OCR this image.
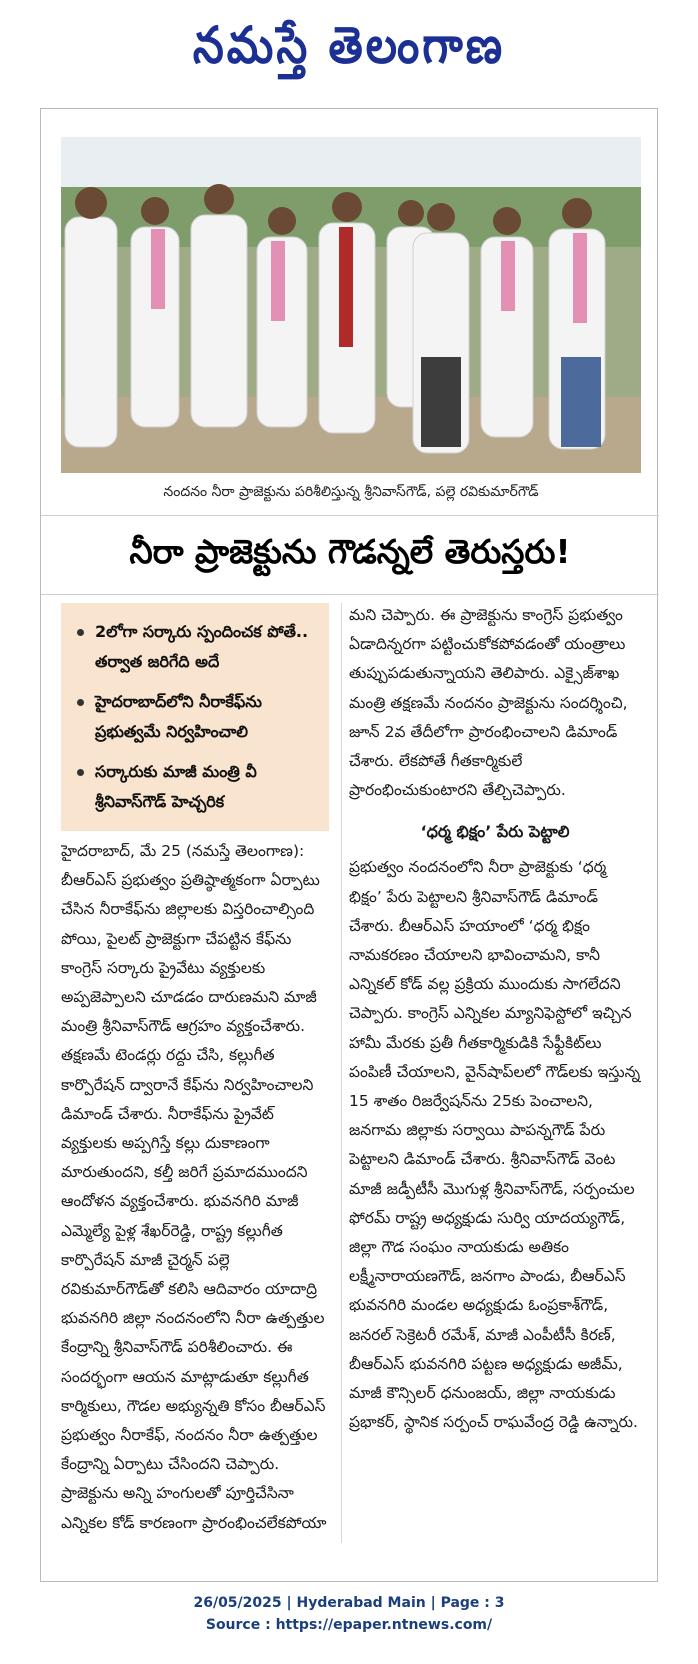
నమస్తే తెలంగాణ
నందనం నీరా ప్రాజెక్టును పరిశీలిస్తున్న శ్రీనివాస్‌గౌడ్‌, పల్లె రవికుమార్‌గౌడ్‌
నీరా ప్రాజెక్టును గౌడన్నలే తెరుస్తరు!
2లోగా సర్కారు స్పందించక పోతే.. తర్వాత జరిగేది అదే
హైదరాబాద్‌లోని నీరాకేఫ్‌ను ప్రభుత్వమే నిర్వహించాలి
సర్కారుకు మాజీ మంత్రి వీ శ్రీనివాస్‌గౌడ్‌ హెచ్చరిక

హైదరాబాద్‌, మే 25 (నమస్తే తెలంగాణ): బీఆర్‌ఎస్‌ ప్రభుత్వం ప్రతిష్ఠాత్మకంగా ఏర్పాటు చేసిన నీరాకేఫ్‌ను జిల్లాలకు విస్తరించాల్సింది పోయి, పైలట్‌ ప్రాజెక్టుగా చేపట్టిన కేఫ్‌ను కాంగ్రెస్‌ సర్కారు ప్రైవేటు వ్యక్తులకు అప్పజెప్పాలని చూడడం దారుణమని మాజీ మంత్రి శ్రీనివాస్‌గౌడ్‌ ఆగ్రహం వ్యక్తంచేశారు. తక్షణమే టెండర్లు రద్దు చేసి, కల్లుగీత కార్పొరేషన్‌ ద్వారానే కేఫ్‌ను నిర్వహించాలని డిమాండ్‌ చేశారు. నీరాకేఫ్‌ను ప్రైవేట్‌ వ్యక్తులకు అప్పగిస్తే కల్లు దుకాణంగా మారుతుందని, కల్తీ జరిగే ప్రమాదముందని ఆందోళన వ్యక్తంచేశారు. భువనగిరి మాజీ ఎమ్మెల్యే పైళ్ల శేఖర్‌రెడ్డి, రాష్ట్ర కల్లుగీత కార్పొరేషన్‌ మాజీ చైర్మన్‌ పల్లె రవికుమార్‌గౌడ్‌తో కలిసి ఆదివారం యాదాద్రి భువనగిరి జిల్లా నందనంలోని నీరా ఉత్పత్తుల కేంద్రాన్ని శ్రీనివాస్‌గౌడ్‌ పరిశీలించారు. ఈ సందర్భంగా ఆయన మాట్లాడుతూ కల్లుగీత కార్మికులు, గౌడల అభ్యున్నతి కోసం బీఆర్‌ఎస్‌ ప్రభుత్వం నీరాకేఫ్‌, నందనం నీరా ఉత్పత్తుల కేంద్రాన్ని ఏర్పాటు చేసిందని చెప్పారు. ప్రాజెక్టును అన్ని హంగులతో పూర్తిచేసినా ఎన్నికల కోడ్‌ కారణంగా ప్రారంభించలేకపోయా

మని చెప్పారు. ఈ ప్రాజెక్టును కాంగ్రెస్‌ ప్రభుత్వం ఏడాదిన్నరగా పట్టించుకోకపోవడంతో యంత్రాలు తుప్పుపడుతున్నాయని తెలిపారు. ఎక్సైజ్‌శాఖ మంత్రి తక్షణమే నందనం ప్రాజెక్టును సందర్శించి, జూన్‌ 2వ తేదీలోగా ప్రారంభించాలని డిమాండ్‌ చేశారు. లేకపోతే గీతకార్మికులే ప్రారంభించుకుంటారని తేల్చిచెప్పారు.

‘ధర్మ భిక్షం’ పేరు పెట్టాలి

ప్రభుత్వం నందనంలోని నీరా ప్రాజెక్టుకు ‘ధర్మ భిక్షం’ పేరు పెట్టాలని శ్రీనివాస్‌గౌడ్‌ డిమాండ్‌ చేశారు. బీఆర్‌ఎస్‌ హయాంలో ‘ధర్మ భిక్షం నామకరణం చేయాలని భావించామని, కానీ ఎన్నికల్‌ కోడ్‌ వల్ల ప్రక్రియ ముందుకు సాగలేదని చెప్పారు. కాంగ్రెస్‌ ఎన్నికల మ్యానిఫెస్టోలో ఇచ్చిన హామీ మేరకు ప్రతీ గీతకార్మికుడికి సేఫ్టీకిట్‌లు పంపిణీ చేయాలని, వైన్‌షాప్‌లలో గౌడ్‌లకు ఇస్తున్న 15 శాతం రిజర్వేషన్‌ను 25కు పెంచాలని, జనగామ జిల్లాకు సర్వాయి పాపన్నగౌడ్‌ పేరు పెట్టాలని డిమాండ్‌ చేశారు. శ్రీనివాస్‌గౌడ్‌ వెంట మాజీ జడ్పీటీసీ మొగుళ్ల శ్రీనివాస్‌గౌడ్‌, సర్పంచుల ఫోరమ్‌ రాష్ట్ర అధ్యక్షుడు సుర్వి యాదయ్యగౌడ్‌, జిల్లా గౌడ సంఘం నాయకుడు అతికం లక్ష్మీనారాయణగౌడ్‌, జనగాం పాండు, బీఆర్‌ఎస్‌ భువనగిరి మండల అధ్యక్షుడు ఓంప్రకాశ్‌గౌడ్‌, జనరల్‌ సెక్రెటరీ రమేశ్‌, మాజీ ఎంపీటీసీ కిరణ్‌, బీఆర్‌ఎస్‌ భువనగిరి పట్టణ అధ్యక్షుడు అజీమ్‌, మాజీ కౌన్సిలర్‌ ధనుంజయ్‌, జిల్లా నాయకుడు ప్రభాకర్‌, స్థానిక సర్పంచ్‌ రాఘవేంద్ర రెడ్డి ఉన్నారు.

26/05/2025 | Hyderabad Main | Page : 3
Source : https://epaper.ntnews.com/
